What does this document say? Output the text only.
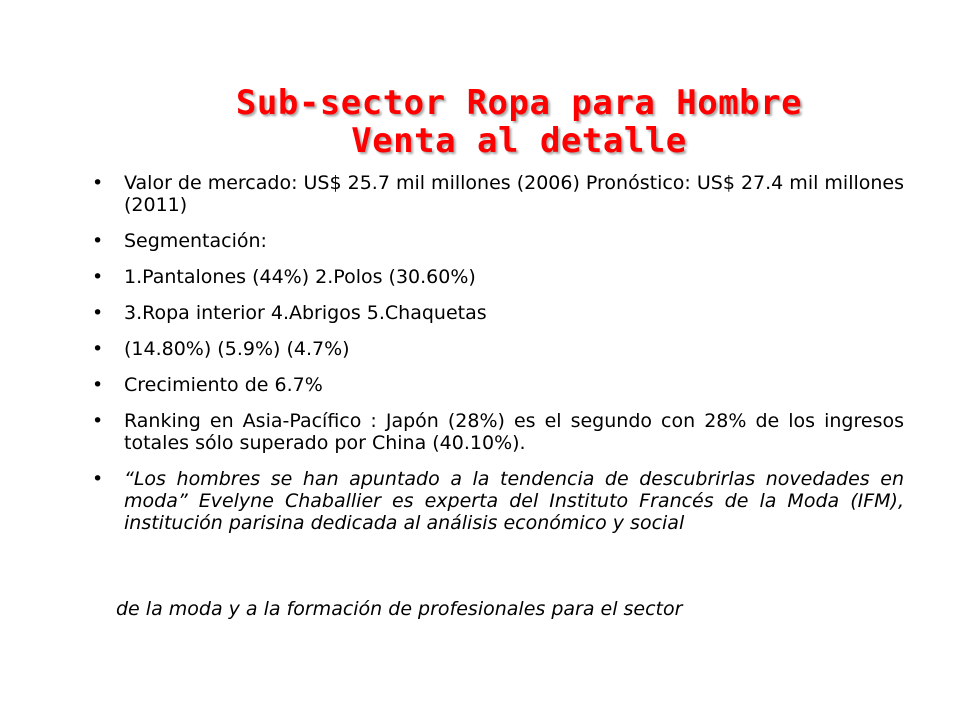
Sub-sector Ropa para Hombre
Venta al detalle
• Valor de mercado: US$ 25.7 mil millones (2006) Pronóstico: US$ 27.4 mil millones (2011)
• Segmentación:
• 1.Pantalones (44%) 2.Polos (30.60%)
• 3.Ropa interior 4.Abrigos 5.Chaquetas
• (14.80%) (5.9%) (4.7%)
• Crecimiento de 6.7%
• Ranking en Asia-Pacífico : Japón (28%) es el segundo con 28% de los ingresos totales sólo superado por China (40.10%).
• “Los hombres se han apuntado a la tendencia de descubrirlas novedades en moda” Evelyne Chaballier es experta del Instituto Francés de la Moda (IFM), institución parisina dedicada al análisis económico y social
de la moda y a la formación de profesionales para el sector
